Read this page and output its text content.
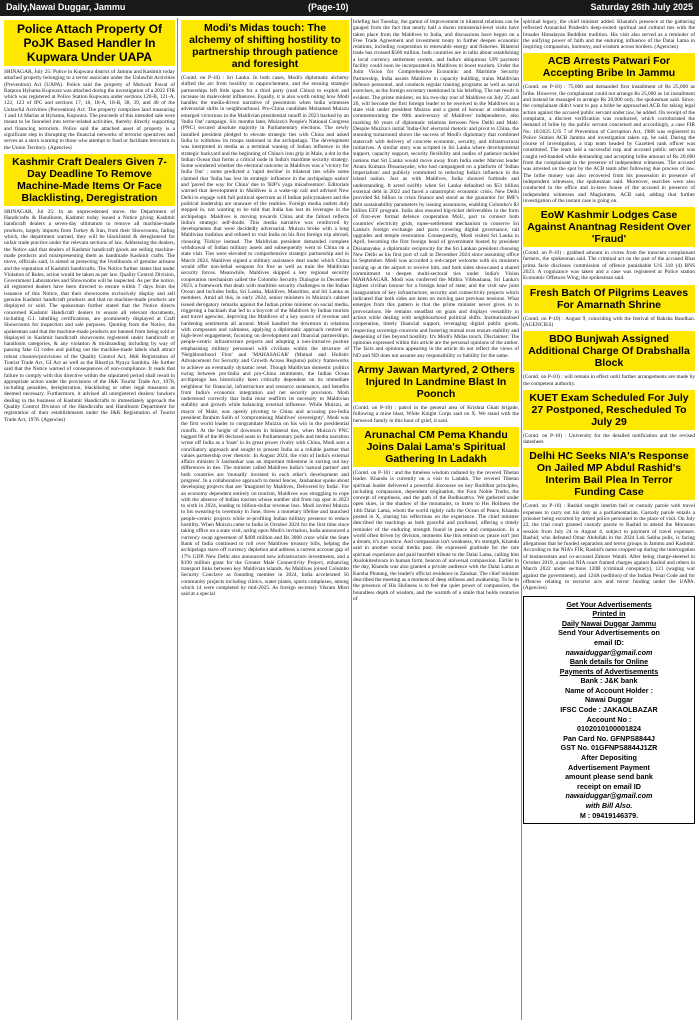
Daily,Nawai Duggar, Jammu	(Page-10)	Saturday 26th July 2025
Police Attach Property Of PoJK Based Handler In Kupwara Under UAPA

SRINAGAR, July 25: Police in Kupwara district of Jammu and Kashmir today attached property belonging to a terror associate under the Unlawful Activities (Prevention) Act (UAPA). Police said the property of Mutwali Pawal of Batpora Hyhama Kupwara was attached during the investigation of a 2022 FIR which was registered at Police Station Kupwara under sections 120-B, 121-A, 122, 123 of IPC and sections 17, 18, 18-A, 18-B, 38, 39, and 40 of the Unlawful Activities (Prevention) Act. The property comprises land measuring 1 and 14 Marlas at Hyhama, Kupwara. The proceeds of this intended sale were meant to be funneled into terror-related activities, thereby directly supporting and financing terrorism. Police said the attached asset of property is a significant step in disrupting the financial networks of terrorist operatives and serves as a stern warning to those who attempt to fund or facilitate terrorism in the Union Territory. (Agencies)

Kashmir Craft Dealers Given 7-Day Deadline To Remove Machine-Made Items Or Face Blacklisting, Deregistration

SRINAGAR, Jul 25: In an unprecedented move, the Department of Handicrafts & Handloom, Kashmir today issued a Notice giving Kashmir handicraft dealers a seven-day ultimatum to remove all machine-made products, largely imports from Turkey & Iran, from their Showrooms, failing which, the department warned, they will be blacklisted & deregistered for unfair trade practice under the relevant sections of law. Addressing the dealers, the Notice said that dealers of Kashmir handicraft goods are selling machine-made products and misrepresenting them as handmade Kashmir crafts. The move, officials said, is aimed at protecting the livelihoods of genuine artisans and the reputation of Kashmir handicrafts. The Notice further states that under Violation of Rules, action would be taken as per law. Quality Control Division, Government Laboratories and Showrooms will be inspected. As per the notice, all registered dealers have been directed to ensure within 7 days from the issuance of this Notice, that their showrooms exclusively display and sell genuine Kashmir handicraft products and that no machine-made products are displayed or sold. The spokesman further stated that the Notice directs concerned Kashmir Handicraft dealers to ensure all relevant documents, including G.I. labelling certifications, are prominently displayed at Craft Showrooms for inspection and sale purposes. Quoting from the Notice, the spokesman said that the machine-made products are banned from being sold or displayed in Kashmir handicraft showrooms registered under handicraft or handloom categories, & any violation & misbranding including by way of passing fake GI codes and pulling out the machine-made labels shall attract robust closures/provisions of the Quality Control Act, J&K Registration of Tourist Trade Act, GI Act as well as the Bhartiya Nyaya Samhita. He further said that the Notice warned of consequences of non-compliance. It reads that failure to comply with this directive within the stipulated period shall result in appropriate action under the provisions of the J&K Tourist Trade Act, 1978, including penalties, deregistration, blacklisting or other legal measures as deemed necessary. Furthermore, it advised all unregistered dealers/ hawkers dealing in the business of Kashmir Handicrafts to immediately approach the Quality Control Division of the Handicrafts and Handloom Department for registration of their establishments under the J&K Registration of Tourist Trade Act, 1978. (Agencies)

Modi's Midas touch: The alchemy of shifting hostility to partnership through patience and foresight

(Contd. on P-10) : Sri Lanka. In both cases, Modi's diplomatic alchemy shifted the arc from hostility to rapprochement, and the ensuing strategic partnerships left little space for a third party (read China) to exploit and increase its malevolent influences. Equally, it is also worth noting how Modi handles the media-driven narrative of pessimism when India witnesses adversarial shifts in neighbourhood. Pro-China candidate Mohamed Muizzu emerged victorious in the Maldivian presidential runoff in 2023 backed by an 'India Out' campaign. Six months later, Muizzu's People's National Congress (PNC) secured absolute majority in Parliamentary elections. The newly installed president pledged to elevate strategic ties with China and asked India to withdraw its troops stationed in the archipelago. The development was interpreted in media as a terminal waning of Indian influence in the strategic backyard and the beginning of China's iron grip in Male, a dot in the Indian Ocean that forms a critical node in India's maritime security strategy. Some wondered whether the electoral outcome in Maldives was a 'victory for India Out' ; some predicted a 'rapid decline' in bilateral ties while some claimed that 'India has lost its strategic influence in the archipelago nation' and 'paved the way for China' due to 'BJP's yoga misadventure'. Editorials warned that development in Maldives is a wake-up call and advised New Delhi to engage with full political spectrum as if Indian policymakers and the political leadership are unaware of the realities. Foreign media outlets duly stepped in, not wanting to be told that India has lost its leverages in the archipelago. Maldives is moving towards China and the fallout reflects India's strategic self-doubt. This media narrative was reinforced by developments that were decidedly adversarial. Muizzu broke with a long Maldivian tradition and refused to visit India on his first foreign trip abroad, choosing Türkiye instead. The Maldivian president demanded complete withdrawal of Indian military assets and subsequently went to China on a state visit. Ties were elevated to comprehensive strategic partnership and in March 2024, Maldives signed a military assistance deal under which China would offer non-lethal weapons for free as well as train the Maldivian security forces. Meanwhile, Maldives skipped a key regional security cooperation mechanism called the Colombo Security Dialogue in December 2023, a framework that deals with maritime security challenges in the Indian Ocean and includes India, Sri Lanka, Maldives, Mauritius, and Sri Lanka as members. Amid all this, in early 2024, senior ministers in Muizzu's cabinet issued derogatory remarks against the Indian prime minister on social media, triggering a backlash that led to a boycott of the Maldives by Indian tourists and travel agencies, depriving the Maldives of a key source of revenue and hardening sentiments all around. Modi handled the downturn in relations with composure and calmness, applying a diplomatic approach centred on high-level engagement, focusing on development and financial partnerships, people-centric infrastructure projects and adopting a non-intrusive posture emphasising military personnel with civilians within the structure of 'Neighbourhood First' and 'MAHASAGAR' (Mutual and Holistic Advancement for Security and Growth Across Regions) policy frameworks to achieve an eventually dynamic reset. Though Maldivian domestic politics swing between pro-India and pro-China sentiments, the Indian Ocean archipelago has historically been critically dependent on its immediate neighbour for financial, infrastructure and resource sustenance, and benefits from India's economic integration and net security provision. Modi understood correctly that India must reaffirm its necessity to Maldivian stability and growth while balancing external influence. While Muizzu, as mayor of Malé, was openly pivoting to China and accusing pro-India president Ibrahim Solih of 'compromising Maldives' sovereignty', Modi was the first world leader to congratulate Muizzu on his win in the presidential runoffs. At the height of downturn in bilateral ties, when Muizzu's PNC bagged 66 of the 86 declared seats in Parliamentary polls and media narration wrote off India as a 'loser' in its great power rivalry with China, Modi sent a conciliatory approach and sought to present India as a reliable partner that values partnership over rhetoric. In August 2024, the visit of India's external affairs minister S Jaishankar was an important milestone in sorting out key differences in ties. The minister called Maldives India's 'natural partner' and both countries are 'mutually invested in each other's development and progress'. In a collaborative approach to mend fences, Jaishankar spoke about developing projects that are 'Imagined by Maldives, Delivered by India'. For an economy dependent entirely on tourism, Maldives was struggling to cope with the absence of Indian tourists whose number slid from top spot in 2023 to sixth in 2024, leading to billion-dollar revenue loss. Modi invited Muizzu to his swearing-in ceremony in June, threw a monetary lifeline and launched people-centric projects while re-profiling Indian military presence to reduce hostility. When Muizzu came to India in October 2024 for the first time since taking office on a state visit, acting upon Modi's invitation, India announced a currency swap agreement of $400 million and Rs 3000 crore while the State Bank of India continued to roll over Maldives treasury bills, helping the archipelago stave off currency depletion and address a current account gap of 17% GDP. New Delhi also announced new infrastructure investments, and a $190 million grant for the Greater Malé Connectivity Project, enhancing transport links between key Maldivian islands. As Maldives joined Colombo Security Conclave as founding member in 2024, India accelerated 56 community projects including clinics, water plants, sports complexes, among which 14 were completed by mid-2025. As foreign secretary Vikram Misri said at a special

briefing last Tuesday, the gamut of improvement in bilateral relations can be gauged from the fact that nearly half a dozen ministerial-level visits have taken place from the Maldives to India, and discussions have begun on a Free Trade Agreement and investment treaty to further deepen economic relations, including cooperation in renewable energy and fisheries. Bilateral trade has crossed $500 million, both countries are in talks about establishing a local currency settlement system, and India's ubiquitous UPI payment facility could soon be incorporated in Maldives to boost tourism. Under the Joint Vision for Comprehensive Economic and Maritime Security Partnership, India assists Maldives in capacity building, trains Maldivian defence personnel, and conducts regular training programs as well as naval exercises, as the foreign secretary mentioned in his briefing. The net result is evident. The prime minister, on his two-day tour of Maldives on July 25 and 26, will become the first foreign leader to be received in the Maldives on a state visit under president Muizzu and a guest of honour at celebrations commemorating the 60th anniversary of Maldives' independence, also marking 60 years of diplomatic relations between New Delhi and Malé. Despite Muizzu's initial 'India-Out' electoral rhetoric and pivot to China, the stunning turnaround shows the success of Modi's diplomacy that combined statecraft with delivery of concrete economic, security, and infrastructural initiatives. A similar story was scripted in Sri Lanka where developmental support, capacity support, security flexibility and oodles of patience tackled notions that Sri Lanka would move away from India under Marxist leader Anura Kumara Dissanayake, who had campaigned on a platform of 'Indian imperialism' and publicly committed to reducing India's influence in the island nation. Just as with Maldives, India showed fortitude and understanding. It acted swiftly when Sri Lanka defaulted on $51 billion external debt in 2022 and faced a catastrophic economic crisis. New Delhi provided $4 billion in crisis finance and stood as the guarantor for IMF's debt sustainability parameters by issuing assurances, enabling Colombo's $3 billion EFF program. India also ensured big-ticket deliverables in the form of first-ever formal defence cooperation MoU, pact to connect both countries' electricity grids, rupee-settlement mechanism to conserve Sri Lanka's foreign exchange and pacts covering digital governance, rail upgrades and temple restoration. Consequently, Modi visited Sri Lanka in April, becoming the first foreign head of government hosted by president Dissanayake, a diplomatic reciprocity for the Sri Lankan president choosing New Delhi as his first port of call in December 2024 since assuming office in September. Modi was accorded a red-carpet welcome with six ministers turning up at the airport to receive him, and both sides showcased a shared commitment to deepen multi-sectoral ties under India's Vision MAHASAGAR. Modi was conferred the Mithra Vibhushana, Sri Lanka's highest civilian honour for a foreign head of state, and the visit saw joint inauguration of key infrastructure, security and connectivity projects which indicated that both sides are keen on moving past previous tensions. What emerges from this pattern is that the prime minister never gives in to provocations. He remains steadfast on goals and displays versatility in action while dealing with neighbourhood political shifts. Institutionalised cooperation, timely financial support, leveraging digital public goods, respecting sovereign concerns and fostering mutual trust ensure stability and deepening of ties beyond hostility. It's Modi's Midas touch. Disclaimer: The opinions expressed within this article are the personal opinions of the author. The facts and opinions appearing in the article do not reflect the views of ND and ND does not assume any responsibility or liability for the same.

Army Jawan Martyred, 2 Others Injured In Landmine Blast In Poonch

(Contd. on P-10) : patrol in the general area of Krishna Ghati brigade, following a mine blast, White Knight Corps said on X. We stand with the bereaved family in this hour of grief, it said.

Arunachal CM Pema Khandu Joins Dalai Lama's Spiritual Gathering In Ladakh

(Contd. on P-10) : and the timeless wisdom radiated by the revered Tibetan leader. Khandu is currently on a visit to Ladakh. The revered Tibetan spiritual leader delivered a powerful discourse on key Buddhist principles, including compassion, dependent origination, the Four Noble Truths, the concept of emptiness, and the path of the Bodhisattva. We gathered under open skies, in the shadow of the mountains, to listen to His Holiness the 14th Dalai Lama, whom the world rightly calls the Ocean of Peace, Khandu posted in X, sharing his reflections on the experience. The chief minister described the teachings as both graceful and profound, offering a timely reminder of the enduring strength found in peace and compassion. In a world often driven by division, moments like this remind us: peace isn't just a dream, it's a practice. And compassion isn't weakness, it's strength, Khandu said in another social media post. He expressed gratitude for the rare spiritual experience and paid heartfelt tribute to the Dalai Lama, calling him Avalokiteshvara in human form, beacon of universal compassion. Earlier in the day, Khandu was also granted a private audience with the Dalai Lama at Karsha Phutang, the leader's official residence in Zanskar. The chief minister described the meeting as a moment of deep stillness and awakening. To be in the presence of His Holiness is to feel the quiet power of compassion, the boundless depth of wisdom, and the warmth of a smile that holds centuries of

spiritual legacy, the chief minister added. Khandu's presence at the gathering reflected Arunachal Pradesh's deep-rooted spiritual and cultural ties with the broader Himalayan Buddhist tradition. His visit also served as a reminder of the unifying power of faith and the enduring influence of the Dalai Lama in inspiring compassion, harmony, and wisdom across borders. (Agencies)

ACB Arrests Patwari For Accepting Bribe In Jammu

(Contd. on P-10) : 75,000 and demanded first installment of Rs 25,000 as bribe. However, the complainant could not arrange Rs 25,000 as 1st installment and instead he managed to arrange Rs 20,000 only, the spokesman said. Since, the complainant didn't want to pay a bribe he approached ACB for taking legal action against the accused public servant under law, he added. On receipt of the complaint, a discreet verification was conducted, which corroborated the demand of bribe by the public servant concerned and accordingly, a case FIR No. 10/2025 U/S 7 of Prevention of Corruption Act, 1988 was registered in Police Station ACB Jammu and investigation taken up, he said. During the course of investigation, a trap team headed by Gazetted rank officer was constituted. The team laid a successful trap and accused public servant was caught red-handed while demanding and accepting bribe amount of Rs 20,000 from the complainant in the presence of independent witnesses. The accused was arrested on the spot by the ACB team after following due process of law. The bribe money was also recovered from his possession in presence of independent witnesses, the spokesman said. Moreover, searches were also conducted in the office and in-laws house of the accused in presence of independent witnesses and Magistrates, ACB said, adding that further investigation of the instant case is going on.

EoW Kashmir Lodges Case Against Anantnag Resident Over 'Fraud'

(Contd. on P-10) : grabbed amount in crores from the innocent complainant farmers, the spokesman said. The criminal act on the part of the accused Bhat prima facie discloses commission of offence punishable U/S 318 (4) BNS 2023. A cognizance was taken and a case was registered at Police station Economic Offences Wing, the spokesman said.

Fresh Batch Of Pilgrims Leaves For Amarnath Shrine

(Contd. on P-10) : August 9, coinciding with the festival of Raksha Bandhan. (AGENCIES)

BDO Bunjwah Assigned Additional Charge Of Drabshalla Block

(Contd. on P-10) : will remain in effect until further arrangements are made by the competent authority.

KUET Exam Scheduled For July 27 Postponed, Rescheduled To July 29

(Contd. on P-10) : University for the detailed notification and the revised datesheet.

Delhi HC Seeks NIA's Response On Jailed MP Abdul Rashid's Interim Bail Plea In Terror Funding Case

(Contd. on P-10) : Rashid sought interim bail or custody parole with travel expenses to carry out his duty as a parliamentarian. Custody parole entails a prisoner being escorted by armed police personnel to the place of visit. On July 22, the trial court granted custody parole to Rashid to attend the Monsoon session from July 24 to August 4, subject to payment of travel expenses. Rashid, who defeated Omar Abdullah in the 2024 Lok Sabha polls, is facing allegations that he funded separatists and terror groups in Jammu and Kashmir. According to the NIA's FIR, Rashid's name cropped up during the interrogation of businessman and co-accused Zahoor Watali. After being charge-sheeted in October 2019, a special NIA court framed charges against Rashid and others in March 2022 under sections 120B (criminal conspiracy), 121 (waging war against the government), and 124A (sedition) of the Indian Penal Code and for offences relating to terrorist acts and terror funding under the UAPA. (Agencies)

Get Your Advertisements
Printed in
Daily Nawai Duggar Jammu
Send Your Advertisements on
email ID:
nawaiduggar@gmail.com
Bank details for Online
Payments of Advertisements
Bank : J&K bank
Name of Account Holder :
Nawai Duggar
IFSC Code : JAKAOLBAZAR
Account No :
0102010100001824
Pan Card No. GFNPS8844J
GST No. 01GFNPS8844J1ZR
After Depositing
Advertisement Payment
amount please send bank
receipt on email ID
nawaiduggar@gmail.com
with Bill Also.
M : 09419146379.
